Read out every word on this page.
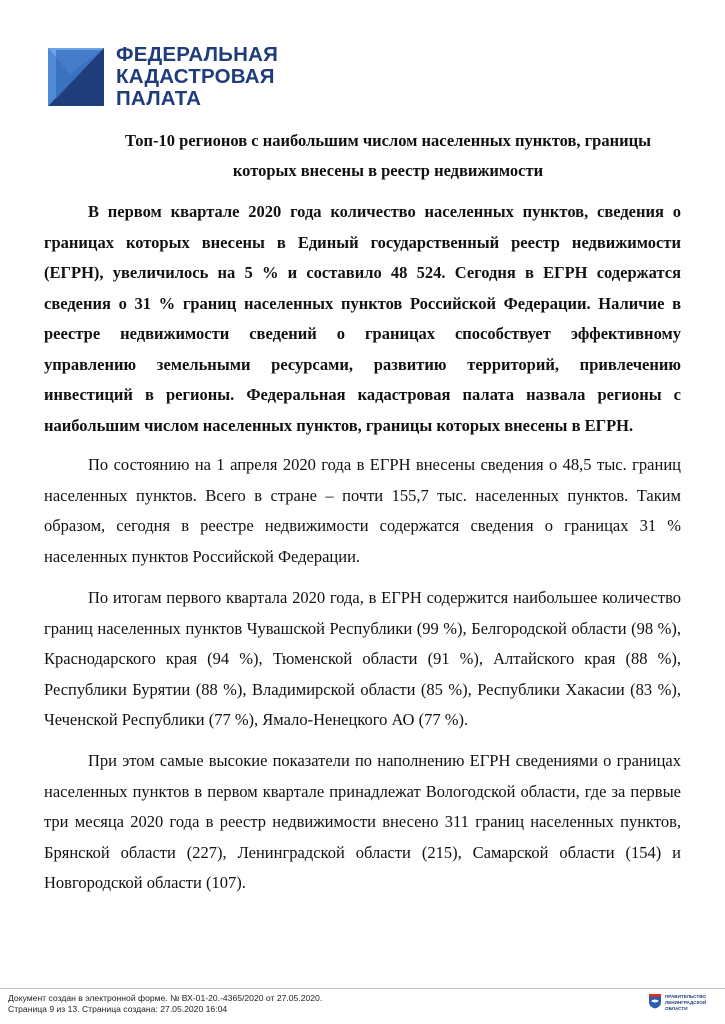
ФЕДЕРАЛЬНАЯ
КАДАСТРОВАЯ
ПАЛАТА
Топ-10 регионов с наибольшим числом населенных пунктов, границы
которых внесены в реестр недвижимости
В первом квартале 2020 года количество населенных пунктов, сведения о границах которых внесены в Единый государственный реестр недвижимости (ЕГРН), увеличилось на 5 % и составило 48 524. Сегодня в ЕГРН содержатся сведения о 31 % границ населенных пунктов Российской Федерации. Наличие в реестре недвижимости сведений о границах способствует эффективному управлению земельными ресурсами, развитию территорий, привлечению инвестиций в регионы. Федеральная кадастровая палата назвала регионы с наибольшим числом населенных пунктов, границы которых внесены в ЕГРН.
По состоянию на 1 апреля 2020 года в ЕГРН внесены сведения о 48,5 тыс. границ населенных пунктов. Всего в стране – почти 155,7 тыс. населенных пунктов. Таким образом, сегодня в реестре недвижимости содержатся сведения о границах 31 % населенных пунктов Российской Федерации.
По итогам первого квартала 2020 года, в ЕГРН содержится наибольшее количество границ населенных пунктов Чувашской Республики (99 %), Белгородской области (98 %), Краснодарского края (94 %), Тюменской области (91 %), Алтайского края (88 %), Республики Бурятии (88 %), Владимирской области (85 %), Республики Хакасии (83 %), Чеченской Республики (77 %), Ямало-Ненецкого АО (77 %).
При этом самые высокие показатели по наполнению ЕГРН сведениями о границах населенных пунктов в первом квартале принадлежат Вологодской области, где за первые три месяца 2020 года в реестр недвижимости внесено 311 границ населенных пунктов, Брянской области (227), Ленинградской области (215), Самарской области (154) и Новгородской области (107).
Документ создан в электронной форме. № ВХ-01-20.-4365/2020 от 27.05.2020.
Страница 9 из 13. Страница создана: 27.05.2020 16:04
ПРАВИТЕЛЬСТВО
ЛЕНИНГРАДСКОЙ
ОБЛАСТИ
